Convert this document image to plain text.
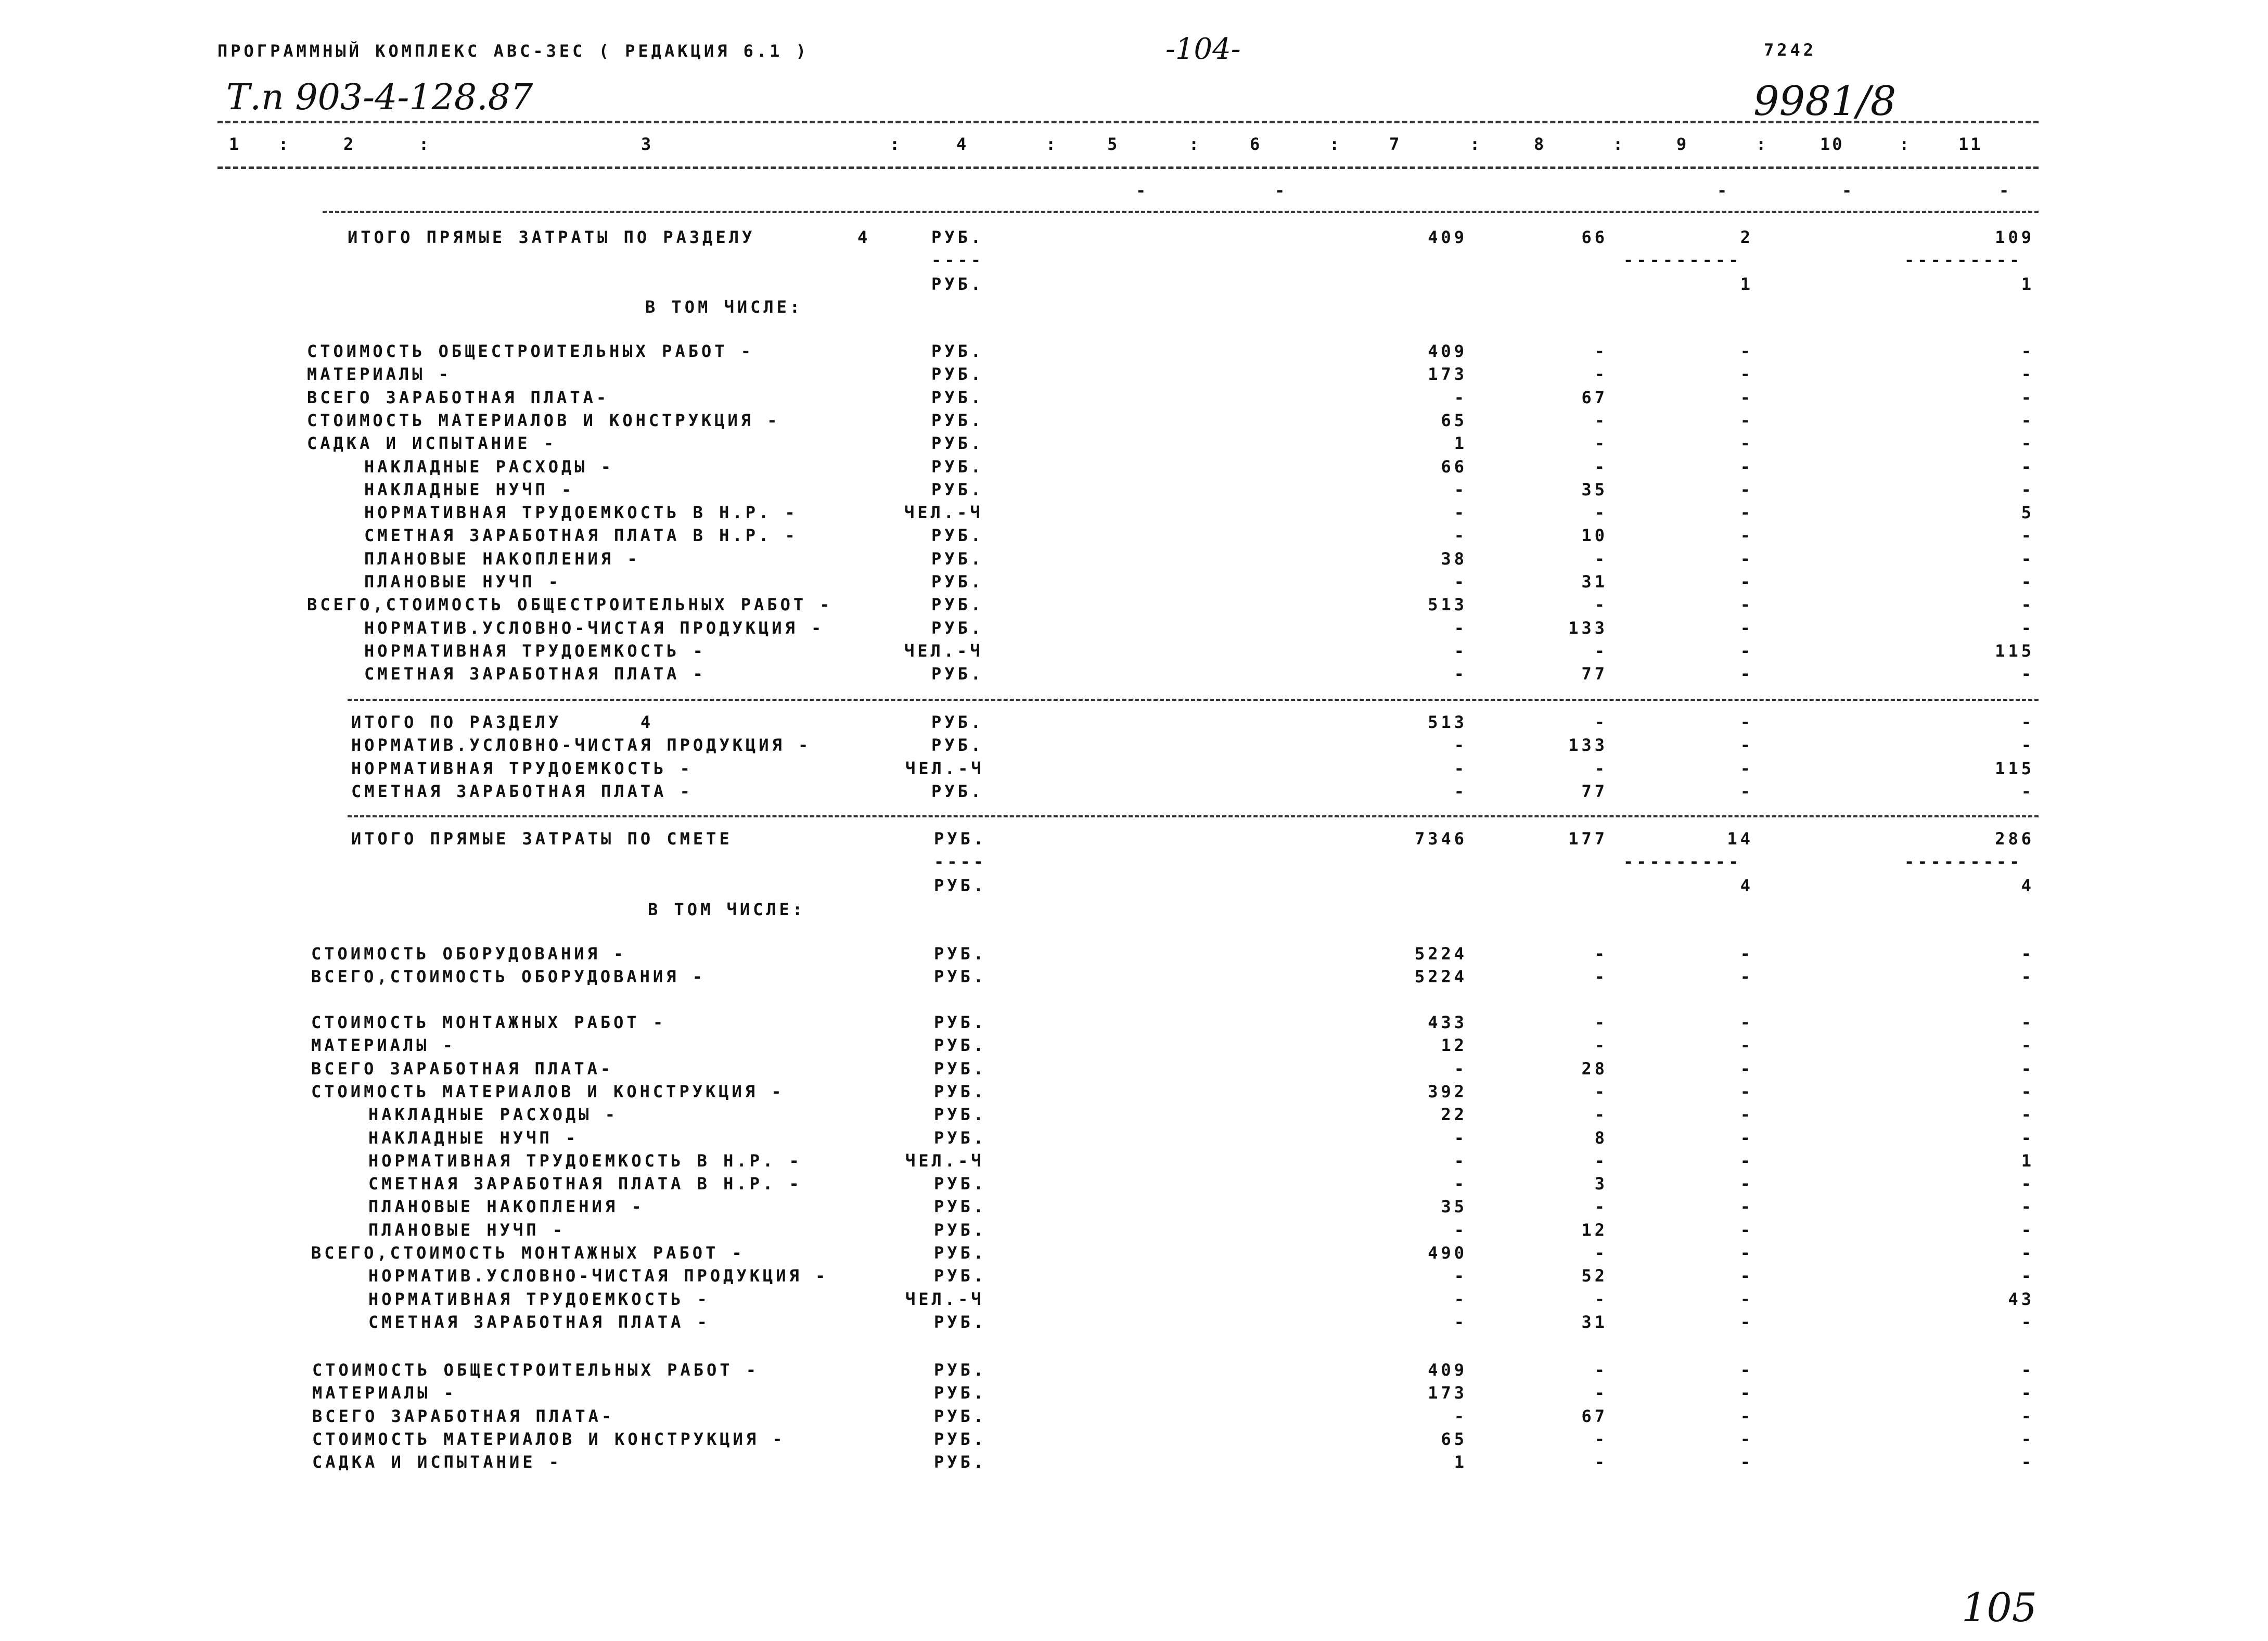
ПРОГРАММНЫЙ КОМПЛЕКС АВС-3ЕС ( РЕДАКЦИЯ 6.1 )	-104-	7242
Т.п 903-4-128.87	9981/8
1	2	3	4	5	6	7	8	9	10	11
:	:	:	:	:	:	:	:	:	:
-	-	-	-	-
ИТОГО ПРЯМЫЕ ЗАТРАТЫ ПО РАЗДЕЛУ	4	РУБ.	409	66	2	109
----	---------	---------
РУБ.	1	1
В ТОМ ЧИСЛЕ:
СТОИМОСТЬ ОБЩЕСТРОИТЕЛЬНЫХ РАБОТ -	РУБ.	409	-	-	-
МАТЕРИАЛЫ -	РУБ.	173	-	-	-
ВСЕГО ЗАРАБОТНАЯ ПЛАТА-	РУБ.	-	67	-	-
СТОИМОСТЬ МАТЕРИАЛОВ И КОНСТРУКЦИЯ -	РУБ.	65	-	-	-
САДКА И ИСПЫТАНИЕ -	РУБ.	1	-	-	-
НАКЛАДНЫЕ РАСХОДЫ -	РУБ.	66	-	-	-
НАКЛАДНЫЕ НУЧП -	РУБ.	-	35	-	-
НОРМАТИВНАЯ ТРУДОЕМКОСТЬ В Н.Р. -	ЧЕЛ.-Ч	-	-	-	5
СМЕТНАЯ ЗАРАБОТНАЯ ПЛАТА В Н.Р. -	РУБ.	-	10	-	-
ПЛАНОВЫЕ НАКОПЛЕНИЯ -	РУБ.	38	-	-	-
ПЛАНОВЫЕ НУЧП -	РУБ.	-	31	-	-
ВСЕГО,СТОИМОСТЬ ОБЩЕСТРОИТЕЛЬНЫХ РАБОТ -	РУБ.	513	-	-	-
НОРМАТИВ.УСЛОВНО-ЧИСТАЯ ПРОДУКЦИЯ -	РУБ.	-	133	-	-
НОРМАТИВНАЯ ТРУДОЕМКОСТЬ -	ЧЕЛ.-Ч	-	-	-	115
СМЕТНАЯ ЗАРАБОТНАЯ ПЛАТА -	РУБ.	-	77	-	-
ИТОГО ПО РАЗДЕЛУ      4	РУБ.	513	-	-	-
НОРМАТИВ.УСЛОВНО-ЧИСТАЯ ПРОДУКЦИЯ -	РУБ.	-	133	-	-
НОРМАТИВНАЯ ТРУДОЕМКОСТЬ -	ЧЕЛ.-Ч	-	-	-	115
СМЕТНАЯ ЗАРАБОТНАЯ ПЛАТА -	РУБ.	-	77	-	-
ИТОГО ПРЯМЫЕ ЗАТРАТЫ ПО СМЕТЕ	РУБ.	7346	177	14	286
----	---------	---------
РУБ.	4	4
В ТОМ ЧИСЛЕ:
СТОИМОСТЬ ОБОРУДОВАНИЯ -	РУБ.	5224	-	-	-
ВСЕГО,СТОИМОСТЬ ОБОРУДОВАНИЯ -	РУБ.	5224	-	-	-
СТОИМОСТЬ МОНТАЖНЫХ РАБОТ -	РУБ.	433	-	-	-
МАТЕРИАЛЫ -	РУБ.	12	-	-	-
ВСЕГО ЗАРАБОТНАЯ ПЛАТА-	РУБ.	-	28	-	-
СТОИМОСТЬ МАТЕРИАЛОВ И КОНСТРУКЦИЯ -	РУБ.	392	-	-	-
НАКЛАДНЫЕ РАСХОДЫ -	РУБ.	22	-	-	-
НАКЛАДНЫЕ НУЧП -	РУБ.	-	8	-	-
НОРМАТИВНАЯ ТРУДОЕМКОСТЬ В Н.Р. -	ЧЕЛ.-Ч	-	-	-	1
СМЕТНАЯ ЗАРАБОТНАЯ ПЛАТА В Н.Р. -	РУБ.	-	3	-	-
ПЛАНОВЫЕ НАКОПЛЕНИЯ -	РУБ.	35	-	-	-
ПЛАНОВЫЕ НУЧП -	РУБ.	-	12	-	-
ВСЕГО,СТОИМОСТЬ МОНТАЖНЫХ РАБОТ -	РУБ.	490	-	-	-
НОРМАТИВ.УСЛОВНО-ЧИСТАЯ ПРОДУКЦИЯ -	РУБ.	-	52	-	-
НОРМАТИВНАЯ ТРУДОЕМКОСТЬ -	ЧЕЛ.-Ч	-	-	-	43
СМЕТНАЯ ЗАРАБОТНАЯ ПЛАТА -	РУБ.	-	31	-	-
СТОИМОСТЬ ОБЩЕСТРОИТЕЛЬНЫХ РАБОТ -	РУБ.	409	-	-	-
МАТЕРИАЛЫ -	РУБ.	173	-	-	-
ВСЕГО ЗАРАБОТНАЯ ПЛАТА-	РУБ.	-	67	-	-
СТОИМОСТЬ МАТЕРИАЛОВ И КОНСТРУКЦИЯ -	РУБ.	65	-	-	-
САДКА И ИСПЫТАНИЕ -	РУБ.	1	-	-	-
105
